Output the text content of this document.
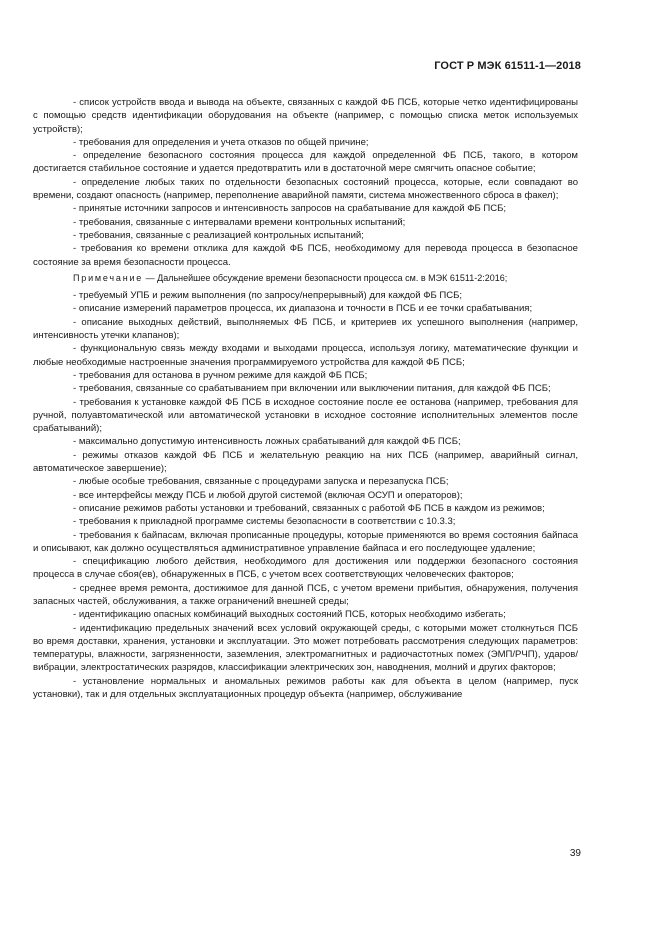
ГОСТ Р МЭК 61511-1—2018

- список устройств ввода и вывода на объекте, связанных с каждой ФБ ПСБ, которые четко идентифицированы с помощью средств идентификации оборудования на объекте (например, с помощью списка меток используемых устройств);

- требования для определения и учета отказов по общей причине;

- определение безопасного состояния процесса для каждой определенной ФБ ПСБ, такого, в котором достигается стабильное состояние и удается предотвратить или в достаточной мере смягчить опасное событие;

- определение любых таких по отдельности безопасных состояний процесса, которые, если совпадают во времени, создают опасность (например, переполнение аварийной памяти, система множественного сброса в факел);

- принятые источники запросов и интенсивность запросов на срабатывание для каждой ФБ ПСБ;

- требования, связанные с интервалами времени контрольных испытаний;

- требования, связанные с реализацией контрольных испытаний;

- требования ко времени отклика для каждой ФБ ПСБ, необходимому для перевода процесса в безопасное состояние за время безопасности процесса.

Примечание — Дальнейшее обсуждение времени безопасности процесса см. в МЭК 61511-2:2016;

- требуемый УПБ и режим выполнения (по запросу/непрерывный) для каждой ФБ ПСБ;

- описание измерений параметров процесса, их диапазона и точности в ПСБ и ее точки срабатывания;

- описание выходных действий, выполняемых ФБ ПСБ, и критериев их успешного выполнения (например, интенсивность утечки клапанов);

- функциональную связь между входами и выходами процесса, используя логику, математические функции и любые необходимые настроенные значения программируемого устройства для каждой ФБ ПСБ;

- требования для останова в ручном режиме для каждой ФБ ПСБ;

- требования, связанные со срабатыванием при включении или выключении питания, для каждой ФБ ПСБ;

- требования к установке каждой ФБ ПСБ в исходное состояние после ее останова (например, требования для ручной, полуавтоматической или автоматической установки в исходное состояние исполнительных элементов после срабатываний);

- максимально допустимую интенсивность ложных срабатываний для каждой ФБ ПСБ;

- режимы отказов каждой ФБ ПСБ и желательную реакцию на них ПСБ (например, аварийный сигнал, автоматическое завершение);

- любые особые требования, связанные с процедурами запуска и перезапуска ПСБ;

- все интерфейсы между ПСБ и любой другой системой (включая ОСУП и операторов);

- описание режимов работы установки и требований, связанных с работой ФБ ПСБ в каждом из режимов;

- требования к прикладной программе системы безопасности в соответствии с 10.3.3;

- требования к байпасам, включая прописанные процедуры, которые применяются во время состояния байпаса и описывают, как должно осуществляться административное управление байпаса и его последующее удаление;

- спецификацию любого действия, необходимого для достижения или поддержки безопасного состояния процесса в случае сбоя(ев), обнаруженных в ПСБ, с учетом всех соответствующих человеческих факторов;

- среднее время ремонта, достижимое для данной ПСБ, с учетом времени прибытия, обнаружения, получения запасных частей, обслуживания, а также ограничений внешней среды;

- идентификацию опасных комбинаций выходных состояний ПСБ, которых необходимо избегать;

- идентификацию предельных значений всех условий окружающей среды, с которыми может столкнуться ПСБ во время доставки, хранения, установки и эксплуатации. Это может потребовать рассмотрения следующих параметров: температуры, влажности, загрязненности, заземления, электромагнитных и радиочастотных помех (ЭМП/РЧП), ударов/вибрации, электростатических разрядов, классификации электрических зон, наводнения, молний и других факторов;

- установление нормальных и аномальных режимов работы как для объекта в целом (например, пуск установки), так и для отдельных эксплуатационных процедур объекта (например, обслуживание

39
